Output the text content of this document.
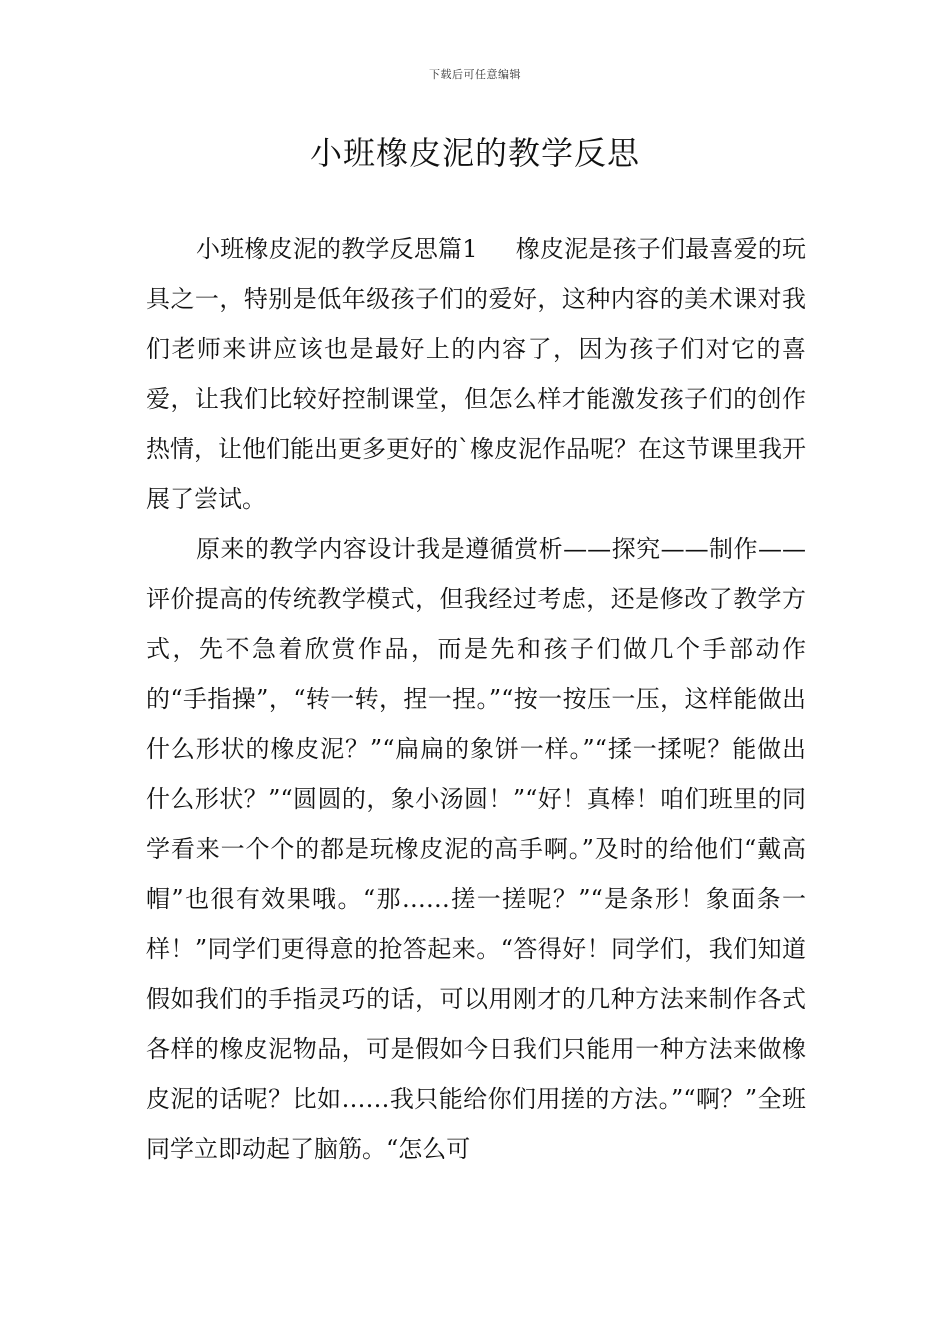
下载后可任意编辑
小班橡皮泥的教学反思

小班橡皮泥的教学反思篇1 橡皮泥是孩子们最喜爱的玩具之一，特别是低年级孩子们的爱好，这种内容的美术课对我们老师来讲应该也是最好上的内容了，因为孩子们对它的喜爱，让我们比较好控制课堂，但怎么样才能激发孩子们的创作热情，让他们能出更多更好的`橡皮泥作品呢？在这节课里我开展了尝试。

原来的教学内容设计我是遵循赏析——探究——制作——评价提高的传统教学模式，但我经过考虑，还是修改了教学方式，先不急着欣赏作品，而是先和孩子们做几个手部动作的“手指操”，“转一转，捏一捏。”“按一按压一压，这样能做出什么形状的橡皮泥？”“扁扁的象饼一样。”“揉一揉呢？能做出什么形状？”“圆圆的，象小汤圆！”“好！真棒！咱们班里的同学看来一个个的都是玩橡皮泥的高手啊。”及时的给他们“戴高帽”也很有效果哦。“那……搓一搓呢？”“是条形！象面条一样！”同学们更得意的抢答起来。“答得好！同学们，我们知道假如我们的手指灵巧的话，可以用刚才的几种方法来制作各式各样的橡皮泥物品，可是假如今日我们只能用一种方法来做橡皮泥的话呢？比如……我只能给你们用搓的方法。”“啊？”全班同学立即动起了脑筋。“怎么可
